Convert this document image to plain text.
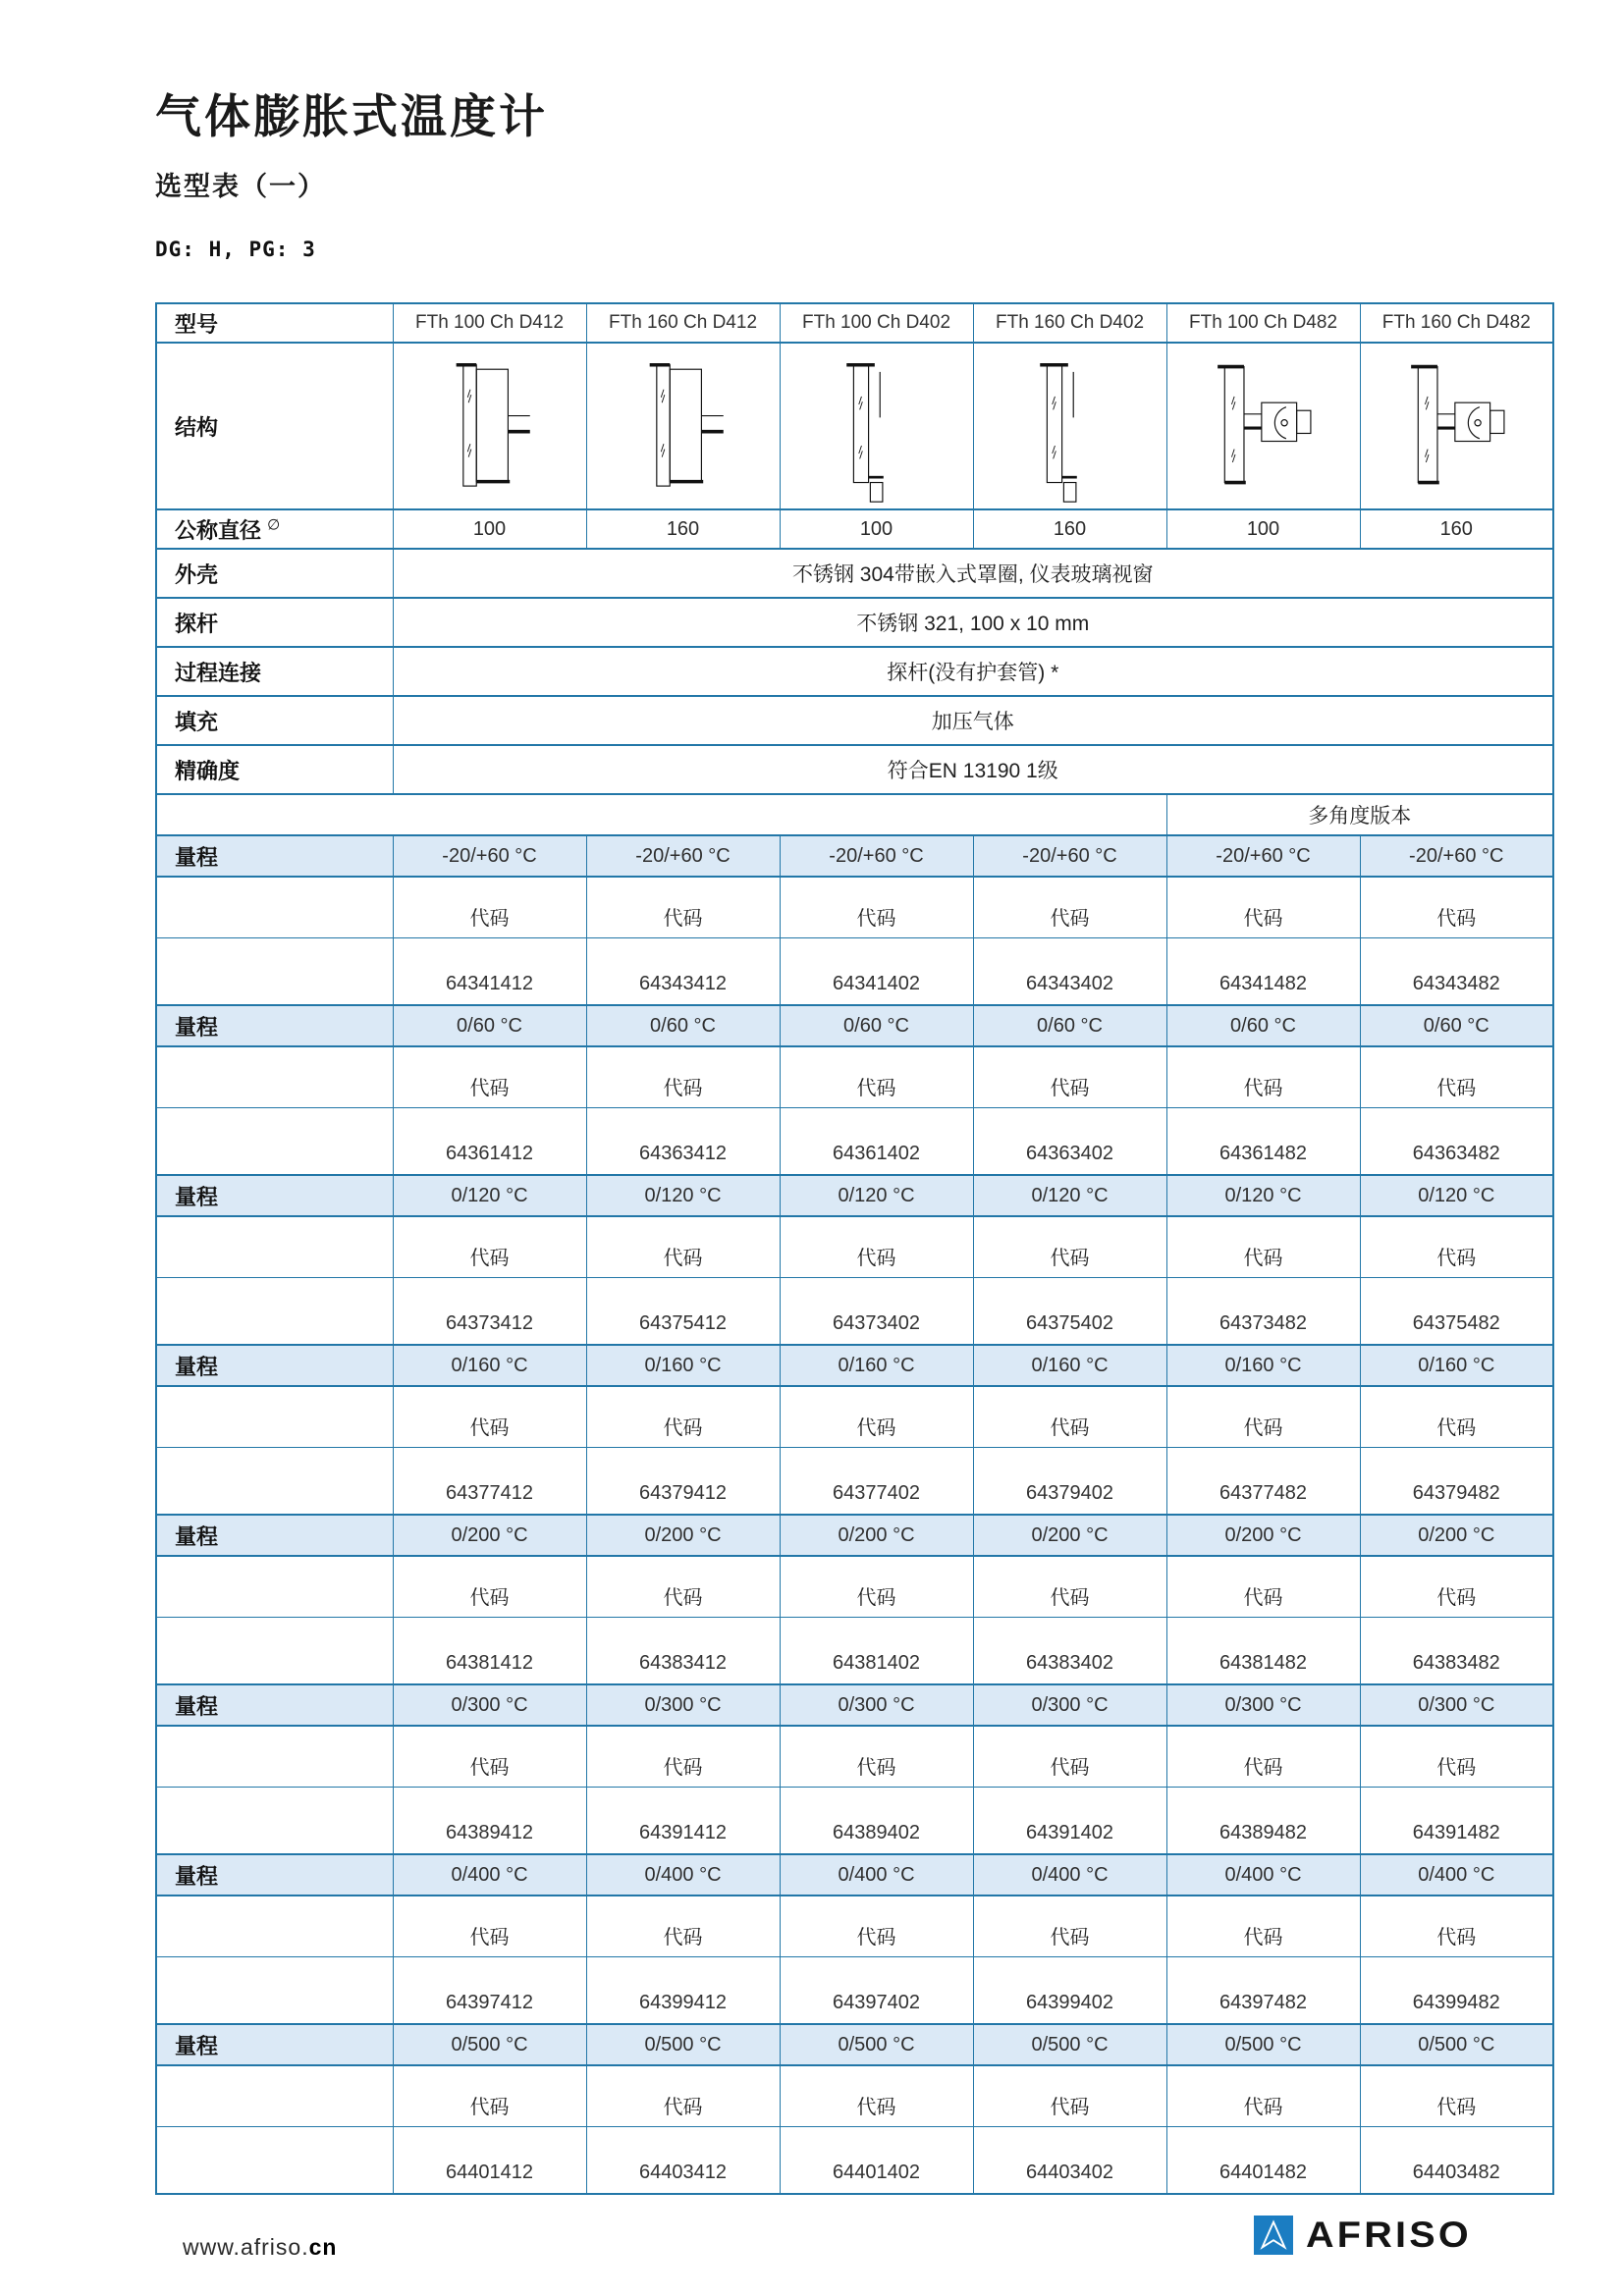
气体膨胀式温度计
选型表（一）
DG: H, PG: 3
型号	FTh 100 Ch D412	FTh 160 Ch D412	FTh 100 Ch D402	FTh 160 Ch D402	FTh 100 Ch D482	FTh 160 Ch D482
结构	

公称直径 ∅	100	160	100	160	100	160
外壳	不锈钢 304带嵌入式罩圈, 仪表玻璃视窗					
探杆	不锈钢 321, 100 x 10 mm					
过程连接	探杆(没有护套管) *					
填充	加压气体					
精确度	符合EN 13190 1级					
					多角度版本	
量程	-20/+60 °C	-20/+60 °C	-20/+60 °C	-20/+60 °C	-20/+60 °C	-20/+60 °C
	代码	代码	代码	代码	代码	代码
	64341412	64343412	64341402	64343402	64341482	64343482
量程	0/60 °C	0/60 °C	0/60 °C	0/60 °C	0/60 °C	0/60 °C
	代码	代码	代码	代码	代码	代码
	64361412	64363412	64361402	64363402	64361482	64363482
量程	0/120 °C	0/120 °C	0/120 °C	0/120 °C	0/120 °C	0/120 °C
	代码	代码	代码	代码	代码	代码
	64373412	64375412	64373402	64375402	64373482	64375482
量程	0/160 °C	0/160 °C	0/160 °C	0/160 °C	0/160 °C	0/160 °C
	代码	代码	代码	代码	代码	代码
	64377412	64379412	64377402	64379402	64377482	64379482
量程	0/200 °C	0/200 °C	0/200 °C	0/200 °C	0/200 °C	0/200 °C
	代码	代码	代码	代码	代码	代码
	64381412	64383412	64381402	64383402	64381482	64383482
量程	0/300 °C	0/300 °C	0/300 °C	0/300 °C	0/300 °C	0/300 °C
	代码	代码	代码	代码	代码	代码
	64389412	64391412	64389402	64391402	64389482	64391482
量程	0/400 °C	0/400 °C	0/400 °C	0/400 °C	0/400 °C	0/400 °C
	代码	代码	代码	代码	代码	代码
	64397412	64399412	64397402	64399402	64397482	64399482
量程	0/500 °C	0/500 °C	0/500 °C	0/500 °C	0/500 °C	0/500 °C
	代码	代码	代码	代码	代码	代码
	64401412	64403412	64401402	64403402	64401482	64403482
www.afriso.cn	AFRISO
